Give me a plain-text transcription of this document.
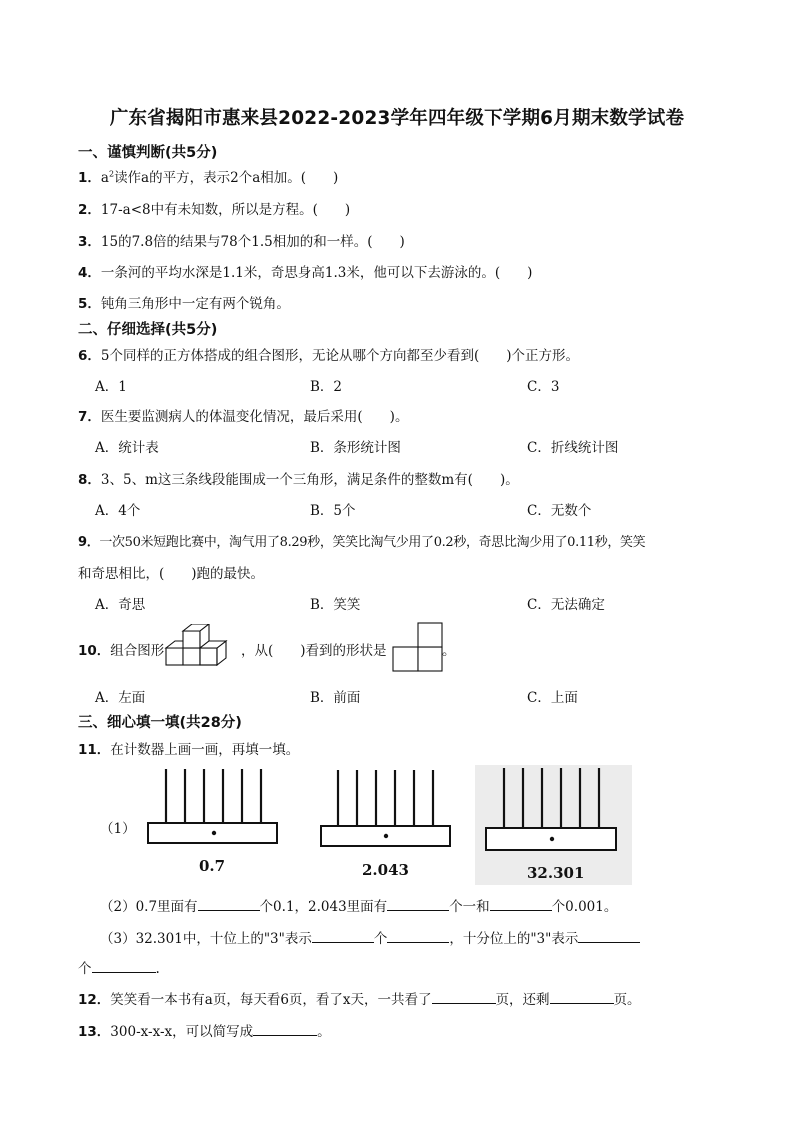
广东省揭阳市惠来县2022-2023学年四年级下学期6月期末数学试卷
一、谨慎判断(共5分)
1．$a^2$读作a的平方，表示2个a相加。(　　)
2．17-a<8中有未知数，所以是方程。(　　)
3．15的7.8倍的结果与78个1.5相加的和一样。(　　)
4．一条河的平均水深是1.1米，奇思身高1.3米，他可以下去游泳的。(　　)
5．钝角三角形中一定有两个锐角。
二、仔细选择(共5分)
6．5个同样的正方体搭成的组合图形，无论从哪个方向都至少看到(　　)个正方形。
A．1	B．2	C．3
7．医生要监测病人的体温变化情况，最后采用(　　)。
A．统计表	B．条形统计图	C．折线统计图
8．3、5、m这三条线段能围成一个三角形，满足条件的整数m有(　　)。
A．4个	B．5个	C．无数个
9．一次50米短跑比赛中，淘气用了8.29秒，笑笑比淘气少用了0.2秒，奇思比淘少用了0.11秒，笑笑
和奇思相比，(　　)跑的最快。
A．奇思	B．笑笑	C．无法确定
10．组合图形	，从(　　)看到的形状是	。
A．左面	B．前面	C．上面
三、细心填一填(共28分)
11．在计数器上画一画，再填一填。
（1）
0.7	2.043	32.301
（2）0.7里面有	个0.1，2.043里面有	个一和	个0.001。
（3）32.301中，十位上的"3"表示	个	，十分位上的"3"表示
个	.
12．笑笑看一本书有a页，每天看6页，看了x天，一共看了	页，还剩	页。
13．300-x-x-x，可以简写成	。
